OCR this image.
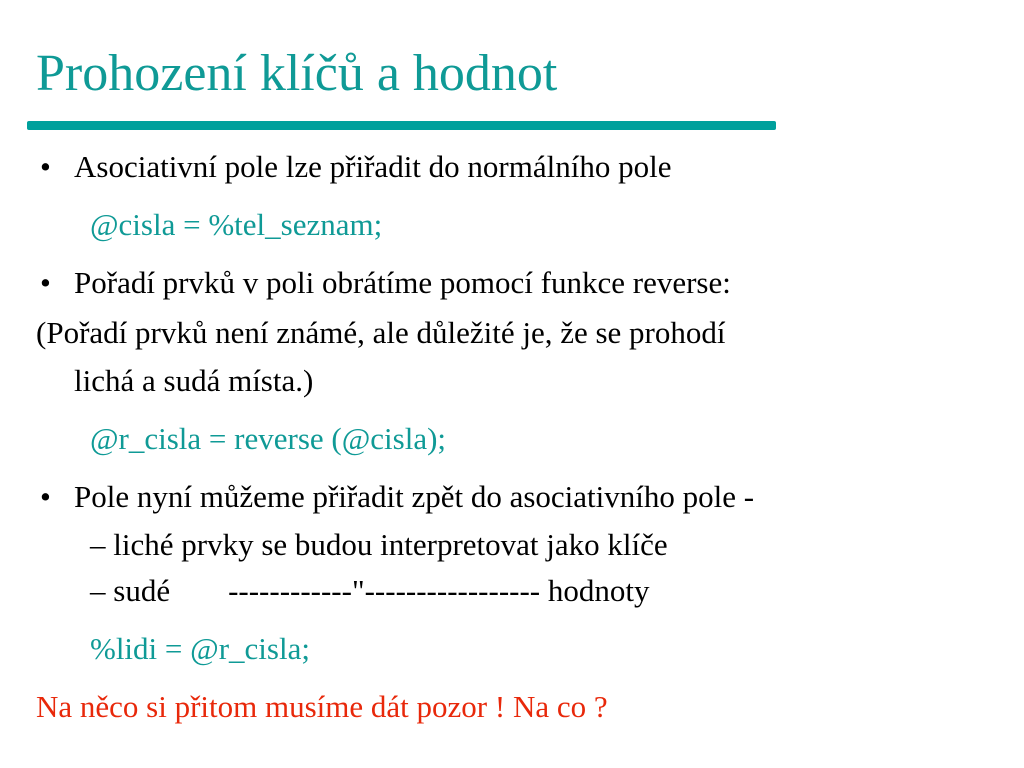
Prohození klíčů a hodnot
• Asociativní pole lze přiřadit do normálního pole
@cisla = %tel_seznam;
• Pořadí prvků v poli obrátíme pomocí funkce reverse:
(Pořadí prvků není známé, ale důležité je, že se prohodí
lichá a sudá místa.)
@r_cisla = reverse (@cisla);
• Pole nyní můžeme přiřadit zpět do asociativního pole -
– liché prvky se budou interpretovat jako klíče
– sudé ------------"----------------- hodnoty
%lidi = @r_cisla;
Na něco si přitom musíme dát pozor ! Na co ?
